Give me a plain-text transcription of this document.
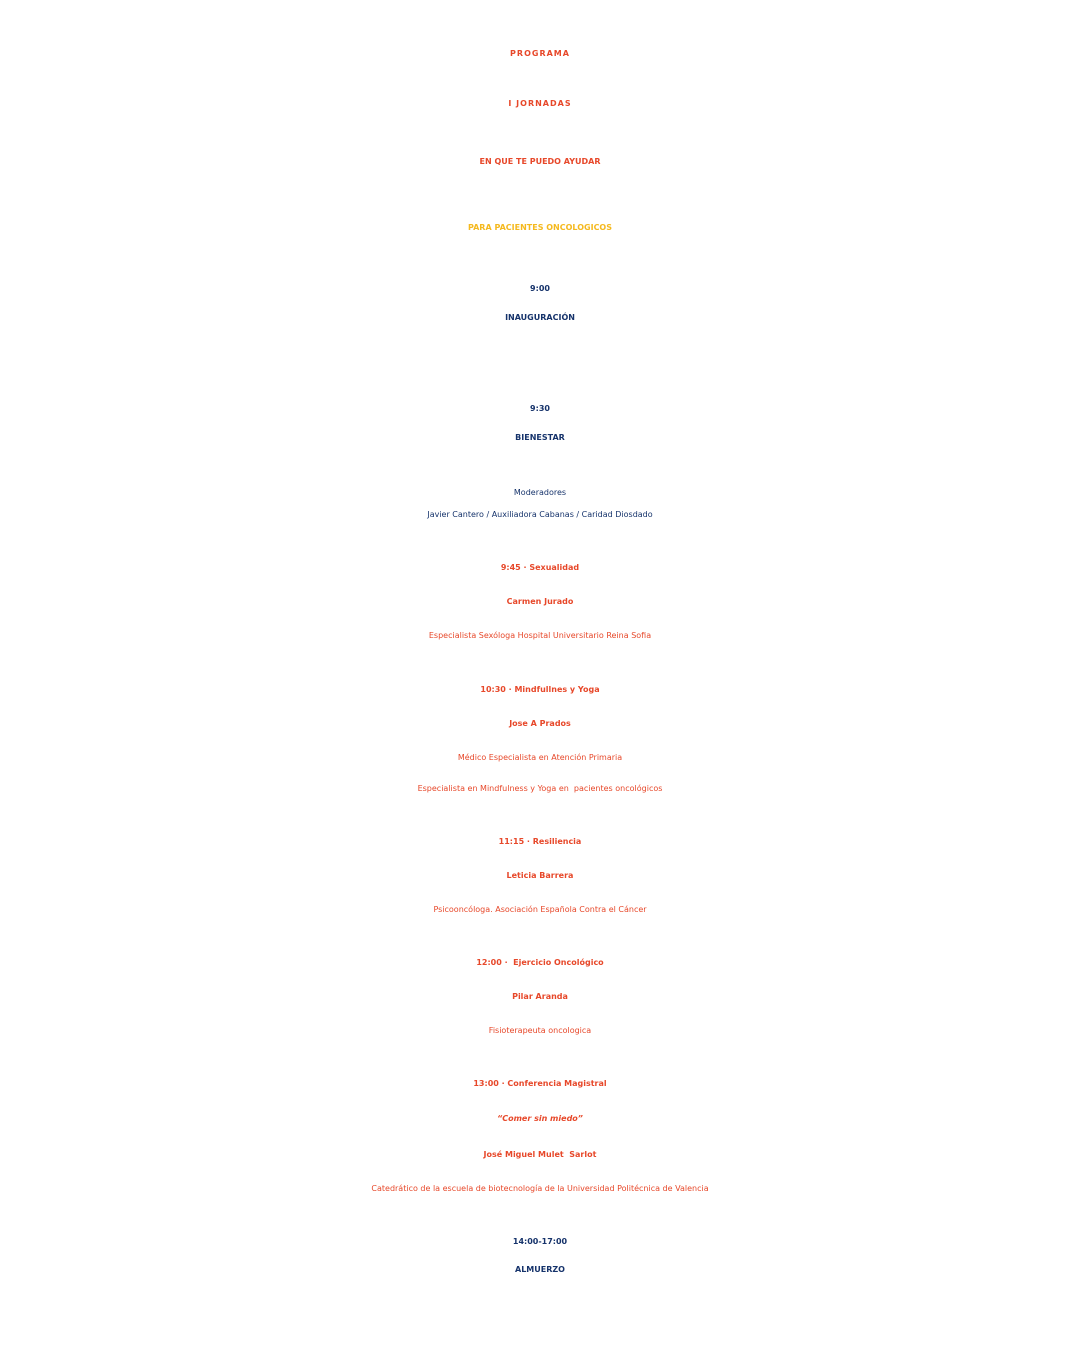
PROGRAMA
I JORNADAS
EN QUE TE PUEDO AYUDAR
PARA PACIENTES ONCOLOGICOS
9:00
INAUGURACIÓN
9:30
BIENESTAR
Moderadores
Javier Cantero / Auxiliadora Cabanas / Caridad Diosdado
9:45 · Sexualidad
Carmen Jurado
Especialista Sexóloga Hospital Universitario Reina Sofia
10:30 · Mindfullnes y Yoga
Jose A Prados
Médico Especialista en Atención Primaria
Especialista en Mindfulness y Yoga en  pacientes oncológicos
11:15 · Resiliencia
Leticia Barrera
Psicooncóloga. Asociación Española Contra el Cáncer
12:00 ·  Ejercicio Oncológico
Pilar Aranda
Fisioterapeuta oncologica
13:00 · Conferencia Magistral
“Comer sin miedo”
José Miguel Mulet  Sarlot
Catedrático de la escuela de biotecnología de la Universidad Politécnica de Valencia
14:00-17:00
ALMUERZO
